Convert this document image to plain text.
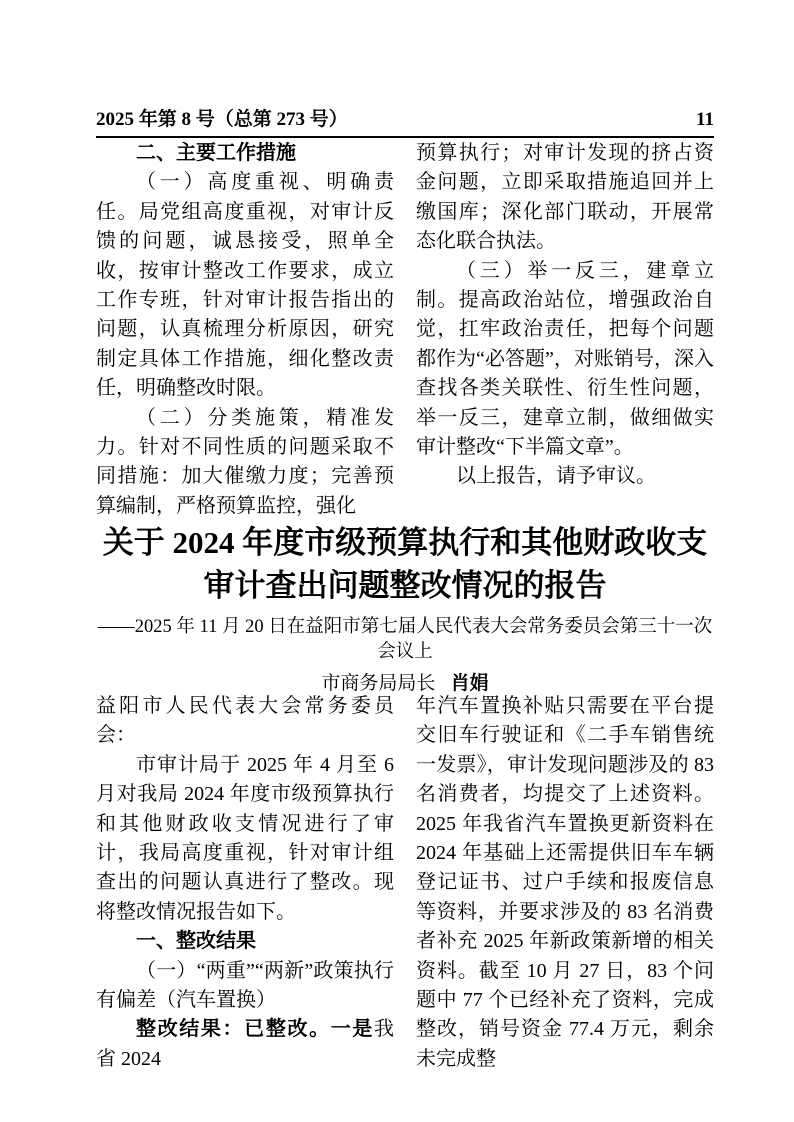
2025 年第 8 号（总第 273 号）	11

二、主要工作措施

（一）高度重视、明确责任。局党组高度重视，对审计反馈的问题，诚恳接受，照单全收，按审计整改工作要求，成立工作专班，针对审计报告指出的问题，认真梳理分析原因，研究制定具体工作措施，细化整改责任，明确整改时限。

（二）分类施策，精准发力。针对不同性质的问题采取不同措施：加大催缴力度；完善预算编制，严格预算监控，强化

预算执行；对审计发现的挤占资金问题，立即采取措施追回并上缴国库；深化部门联动，开展常态化联合执法。

（三）举一反三，建章立制。提高政治站位，增强政治自觉，扛牢政治责任，把每个问题都作为“必答题”，对账销号，深入查找各类关联性、衍生性问题，举一反三，建章立制，做细做实审计整改“下半篇文章”。

以上报告，请予审议。

关于 2024 年度市级预算执行和其他财政收支
审计查出问题整改情况的报告

——2025 年 11 月 20 日在益阳市第七届人民代表大会常务委员会第三十一次会议上

市商务局局长 肖娟

益阳市人民代表大会常务委员会：

市审计局于 2025 年 4 月至 6 月对我局 2024 年度市级预算执行和其他财政收支情况进行了审计，我局高度重视，针对审计组查出的问题认真进行了整改。现将整改情况报告如下。

一、整改结果

（一）“两重”“两新”政策执行有偏差（汽车置换）

整改结果：已整改。一是我省 2024

年汽车置换补贴只需要在平台提交旧车行驶证和《二手车销售统一发票》，审计发现问题涉及的 83 名消费者，均提交了上述资料。2025 年我省汽车置换更新资料在 2024 年基础上还需提供旧车车辆登记证书、过户手续和报废信息等资料，并要求涉及的 83 名消费者补充 2025 年新政策新增的相关资料。截至 10 月 27 日，83 个问题中 77 个已经补充了资料，完成整改，销号资金 77.4 万元，剩余未完成整
